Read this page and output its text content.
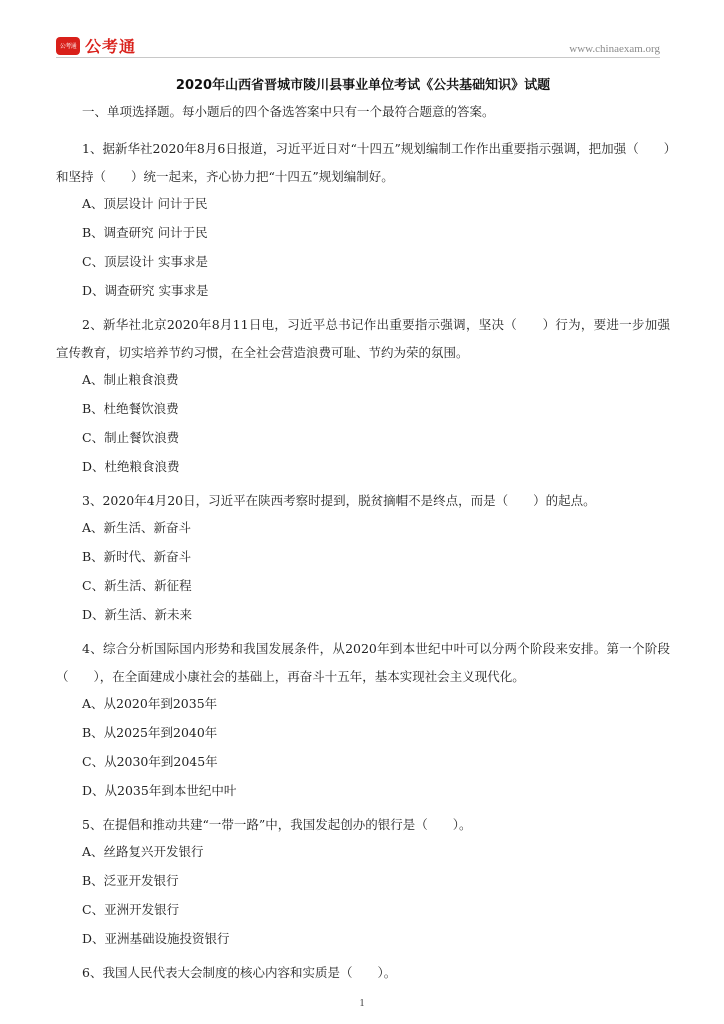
公考通 公考通	www.chinaexam.org
2020年山西省晋城市陵川县事业单位考试《公共基础知识》试题
一、单项选择题。每小题后的四个备选答案中只有一个最符合题意的答案。

1、据新华社2020年8月6日报道，习近平近日对“十四五”规划编制工作作出重要指示强调，把加强（　　）和坚持（　　）统一起来，齐心协力把“十四五”规划编制好。

A、顶层设计 问计于民
B、调查研究 问计于民
C、顶层设计 实事求是
D、调查研究 实事求是

2、新华社北京2020年8月11日电，习近平总书记作出重要指示强调，坚决（　　）行为，要进一步加强宣传教育，切实培养节约习惯，在全社会营造浪费可耻、节约为荣的氛围。

A、制止粮食浪费
B、杜绝餐饮浪费
C、制止餐饮浪费
D、杜绝粮食浪费

3、2020年4月20日，习近平在陕西考察时提到，脱贫摘帽不是终点，而是（　　）的起点。

A、新生活、新奋斗
B、新时代、新奋斗
C、新生活、新征程
D、新生活、新未来

4、综合分析国际国内形势和我国发展条件，从2020年到本世纪中叶可以分两个阶段来安排。第一个阶段（　　），在全面建成小康社会的基础上，再奋斗十五年，基本实现社会主义现代化。

A、从2020年到2035年
B、从2025年到2040年
C、从2030年到2045年
D、从2035年到本世纪中叶

5、在提倡和推动共建“一带一路”中，我国发起创办的银行是（　　）。

A、丝路复兴开发银行
B、泛亚开发银行
C、亚洲开发银行
D、亚洲基础设施投资银行

6、我国人民代表大会制度的核心内容和实质是（　　）。

1
